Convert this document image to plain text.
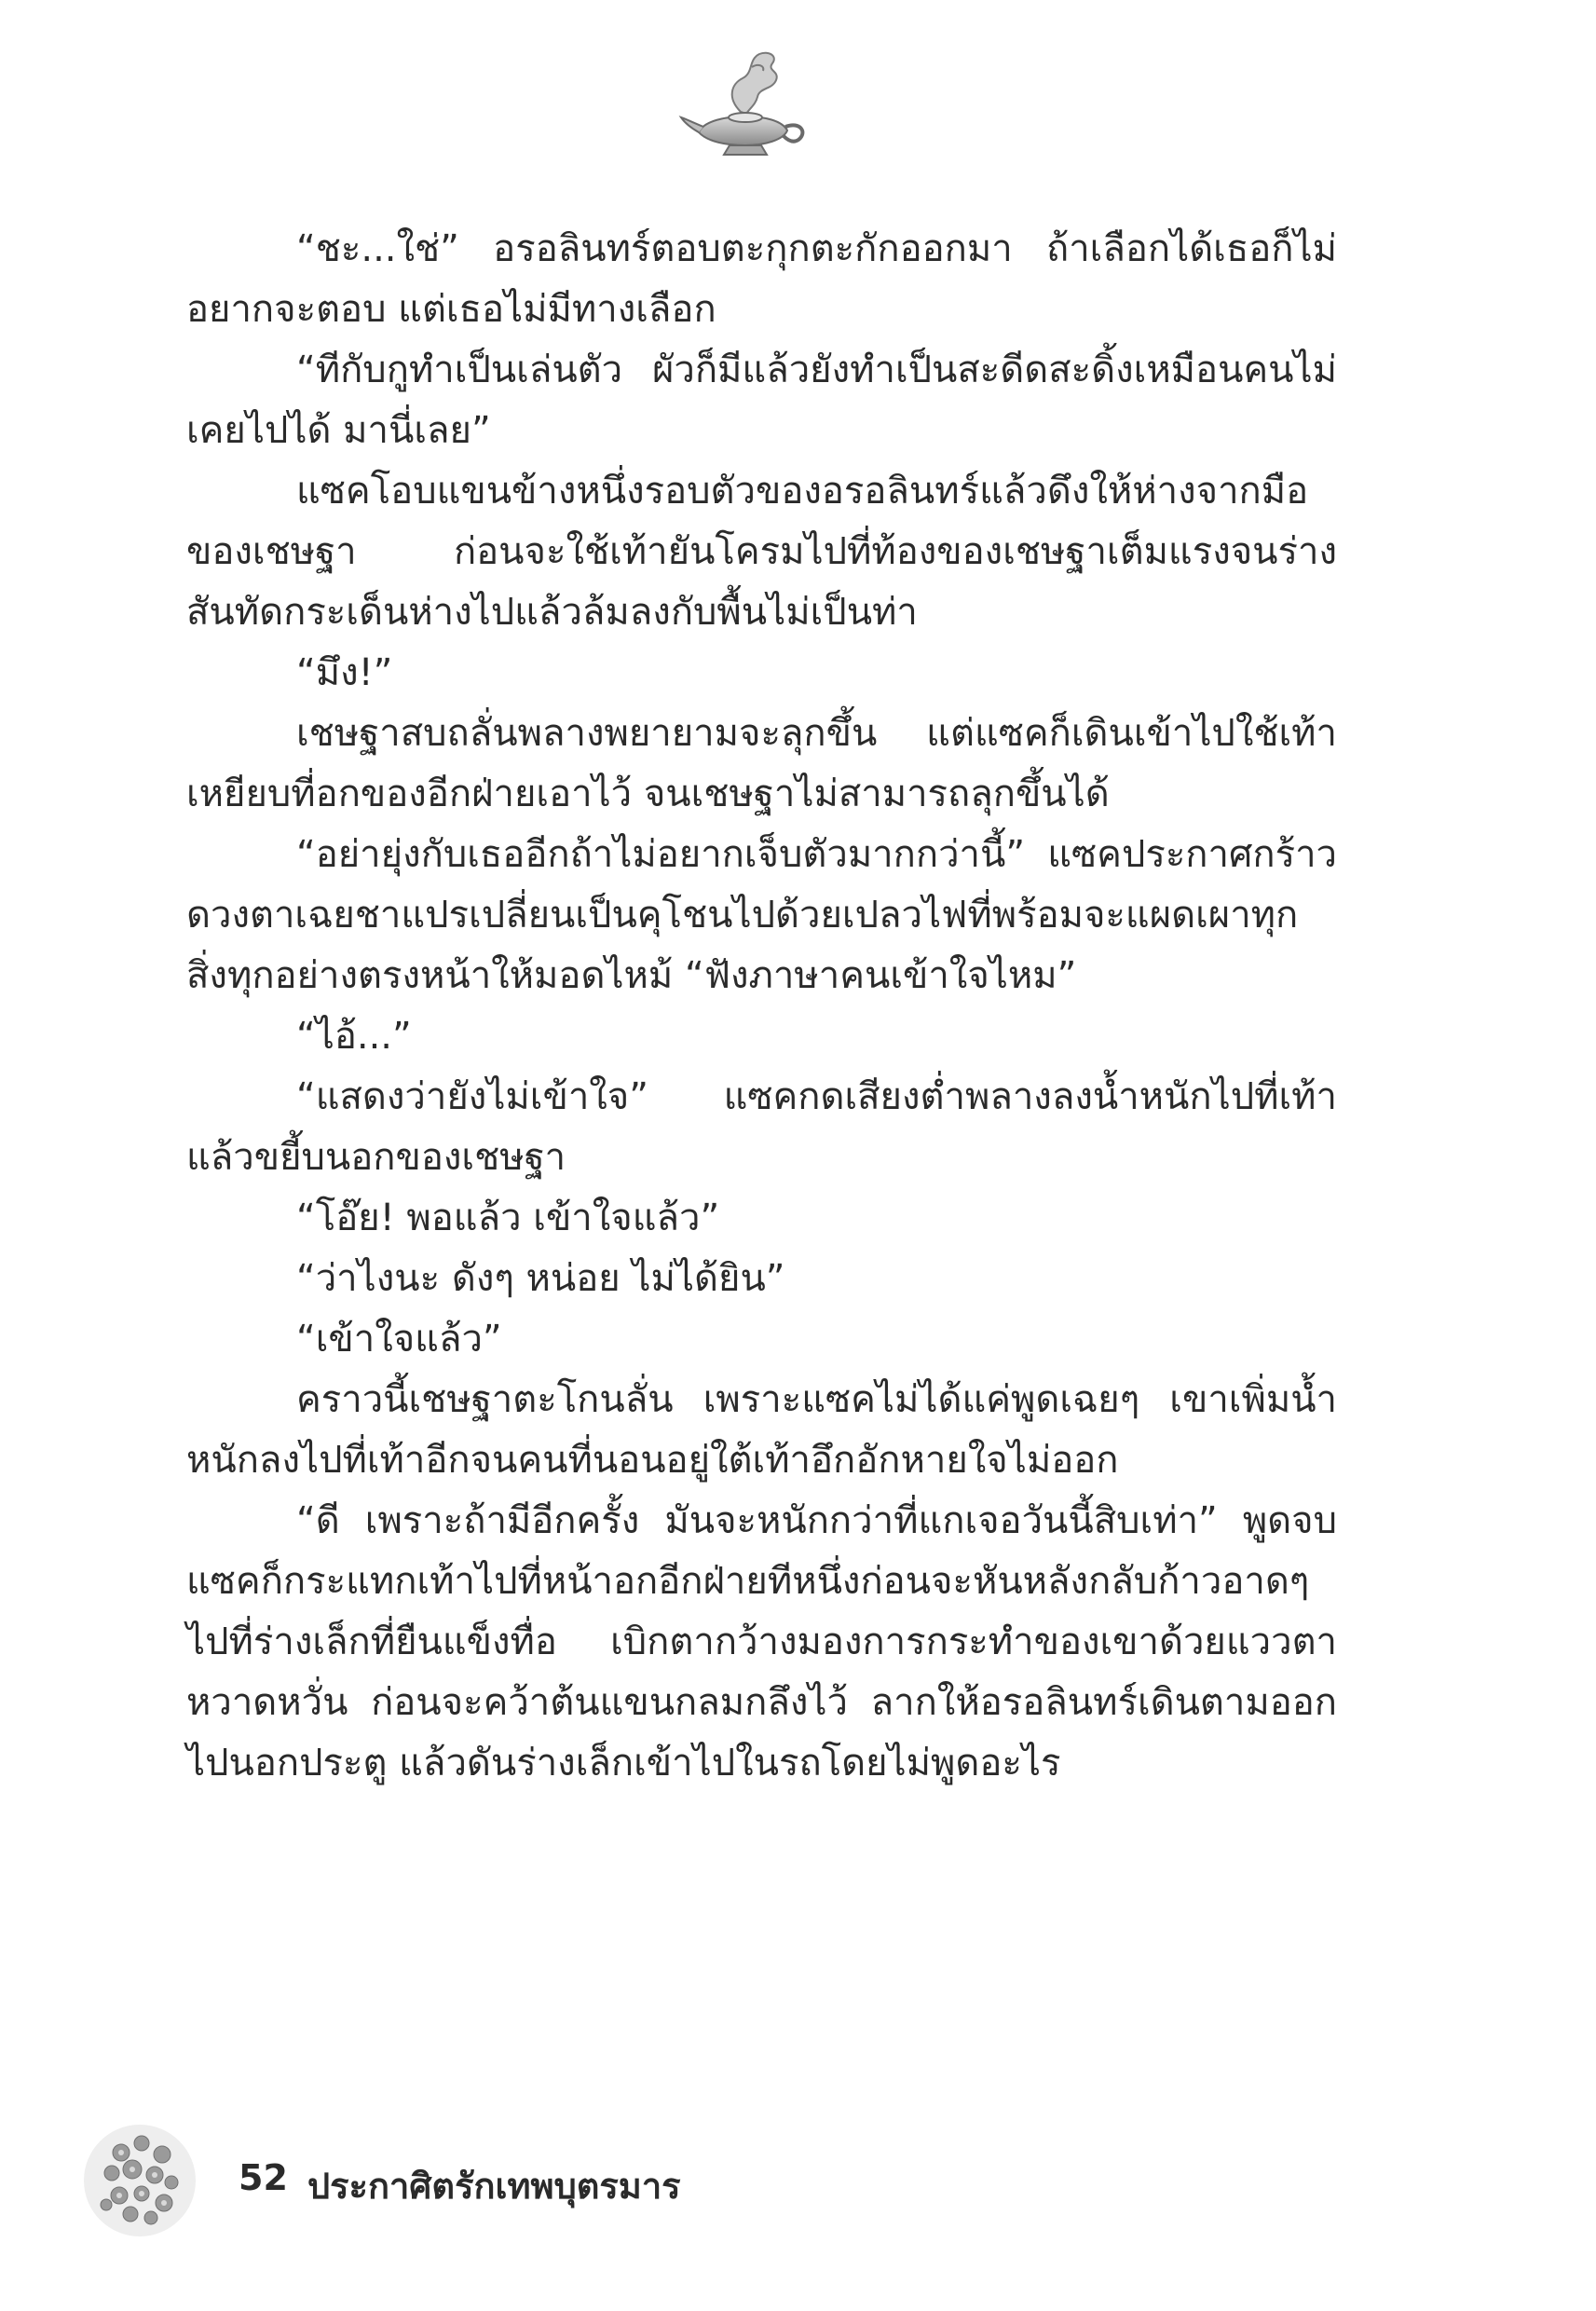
“ชะ...ใช่” อรอลินทร์ตอบตะกุกตะกักออกมา ถ้าเลือกได้เธอก็ไม่อยากจะตอบ แต่เธอไม่มีทางเลือก

“ทีกับกูทำเป็นเล่นตัว ผัวก็มีแล้วยังทำเป็นสะดีดสะดิ้งเหมือนคนไม่เคยไปได้ มานี่เลย”

แซคโอบแขนข้างหนึ่งรอบตัวของอรอลินทร์แล้วดึงให้ห่างจากมือของเชษฐา ก่อนจะใช้เท้ายันโครมไปที่ท้องของเชษฐาเต็มแรงจนร่างสันทัดกระเด็นห่างไปแล้วล้มลงกับพื้นไม่เป็นท่า

“มึง!”

เชษฐาสบถลั่นพลางพยายามจะลุกขึ้น แต่แซคก็เดินเข้าไปใช้เท้าเหยียบที่อกของอีกฝ่ายเอาไว้ จนเชษฐาไม่สามารถลุกขึ้นได้

“อย่ายุ่งกับเธออีกถ้าไม่อยากเจ็บตัวมากกว่านี้” แซคประกาศกร้าวดวงตาเฉยชาแปรเปลี่ยนเป็นคุโชนไปด้วยเปลวไฟที่พร้อมจะแผดเผาทุกสิ่งทุกอย่างตรงหน้าให้มอดไหม้ “ฟังภาษาคนเข้าใจไหม”

“ไอ้...”

“แสดงว่ายังไม่เข้าใจ” แซคกดเสียงต่ำพลางลงน้ำหนักไปที่เท้าแล้วขยี้บนอกของเชษฐา

“โอ๊ย! พอแล้ว เข้าใจแล้ว”

“ว่าไงนะ ดังๆ หน่อย ไม่ได้ยิน”

“เข้าใจแล้ว”

คราวนี้เชษฐาตะโกนลั่น เพราะแซคไม่ได้แค่พูดเฉยๆ เขาเพิ่มน้ำหนักลงไปที่เท้าอีกจนคนที่นอนอยู่ใต้เท้าอึกอักหายใจไม่ออก

“ดี เพราะถ้ามีอีกครั้ง มันจะหนักกว่าที่แกเจอวันนี้สิบเท่า” พูดจบแซคก็กระแทกเท้าไปที่หน้าอกอีกฝ่ายทีหนึ่งก่อนจะหันหลังกลับก้าวอาดๆ ไปที่ร่างเล็กที่ยืนแข็งทื่อ เบิกตากว้างมองการกระทำของเขาด้วยแววตาหวาดหวั่น ก่อนจะคว้าต้นแขนกลมกลึงไว้ ลากให้อรอลินทร์เดินตามออกไปนอกประตู แล้วดันร่างเล็กเข้าไปในรถโดยไม่พูดอะไร

52 ประกาศิตรักเทพบุตรมาร
